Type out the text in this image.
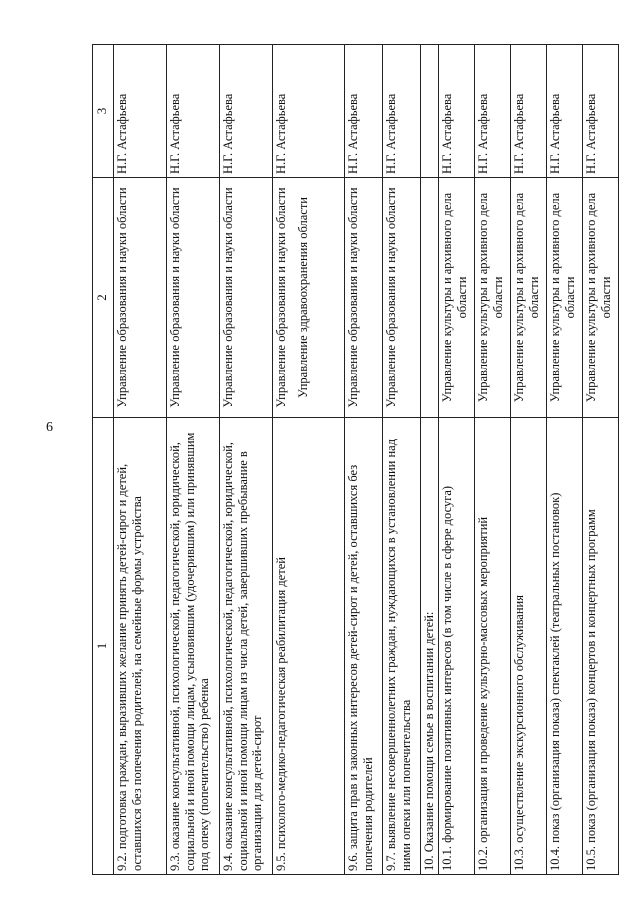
6
1	2	3
9.2. подготовка граждан, выразивших желание принять детей-сирот и детей, оставшихся без попечения родителей, на семейные формы устройства	Управление образования и науки области	Н.Г. Астафьева
9.3. оказание консультативной, психологической, педагогической, юридической, социальной и иной помощи лицам, усыновившим (удочерившим) или принявшим под опеку (попечительство) ребенка	Управление образования и науки области	Н.Г. Астафьева
9.4. оказание консультативной, психологической, педагогической, юридической, социальной и иной помощи лицам из числа детей, завершивших пребывание в организации для детей-сирот	Управление образования и науки области	Н.Г. Астафьева
9.5. психолого-медико-педагогическая реабилитация детей	Управление образования и науки области Управление здравоохранения области	Н.Г. Астафьева
9.6. защита прав и законных интересов детей-сирот и детей, оставшихся без попечения родителей	Управление образования и науки области	Н.Г. Астафьева
9.7. выявление несовершеннолетних граждан, нуждающихся в установлении над ними опеки или попечительства	Управление образования и науки области	Н.Г. Астафьева
10. Оказание помощи семье в воспитании детей:		
10.1. формирование позитивных интересов (в том числе в сфере досуга)	Управление культуры и архивного дела области	Н.Г. Астафьева
10.2. организация и проведение культурно-массовых мероприятий	Управление культуры и архивного дела области	Н.Г. Астафьева
10.3. осуществление экскурсионного обслуживания	Управление культуры и архивного дела области	Н.Г. Астафьева
10.4. показ (организация показа) спектаклей (театральных постановок)	Управление культуры и архивного дела области	Н.Г. Астафьева
10.5. показ (организация показа) концертов и концертных программ	Управление культуры и архивного дела области	Н.Г. Астафьева
